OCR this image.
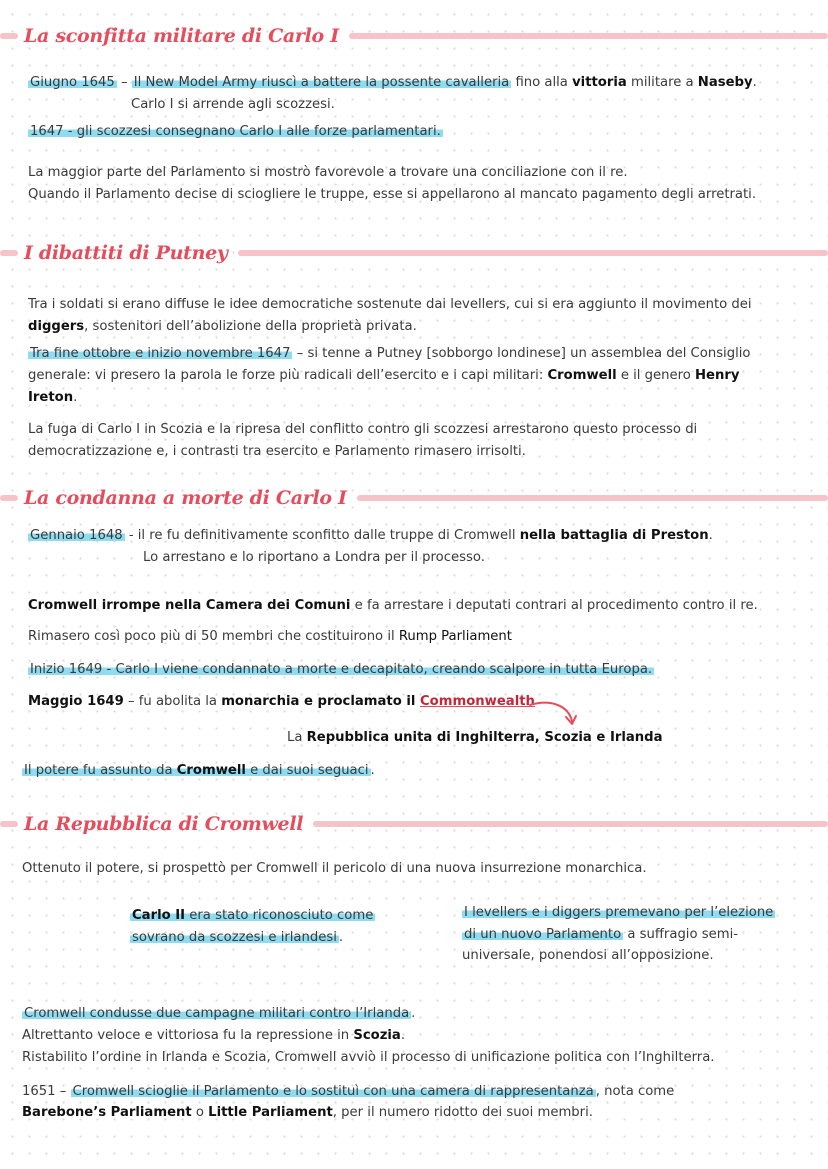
La sconfitta militare di Carlo I
Giugno 1645 – Il New Model Army riuscì a battere la possente cavalleria fino alla vittoria militare a Naseby.
Carlo I si arrende agli scozzesi.
1647 - gli scozzesi consegnano Carlo I alle forze parlamentari.
La maggior parte del Parlamento si mostrò favorevole a trovare una conciliazione con il re.
Quando il Parlamento decise di sciogliere le truppe, esse si appellarono al mancato pagamento degli arretrati.
I dibattiti di Putney
Tra i soldati si erano diffuse le idee democratiche sostenute dai levellers, cui si era aggiunto il movimento dei
diggers, sostenitori dell’abolizione della proprietà privata.
Tra fine ottobre e inizio novembre 1647 – si tenne a Putney [sobborgo londinese] un assemblea del Consiglio
generale: vi presero la parola le forze più radicali dell’esercito e i capi militari: Cromwell e il genero Henry
Ireton.
La fuga di Carlo I in Scozia e la ripresa del conflitto contro gli scozzesi arrestarono questo processo di
democratizzazione e, i contrasti tra esercito e Parlamento rimasero irrisolti.
La condanna a morte di Carlo I
Gennaio 1648 - il re fu definitivamente sconfitto dalle truppe di Cromwell nella battaglia di Preston.
Lo arrestano e lo riportano a Londra per il processo.
Cromwell irrompe nella Camera dei Comuni e fa arrestare i deputati contrari al procedimento contro il re.
Rimasero così poco più di 50 membri che costituirono il Rump Parliament
Inizio 1649 - Carlo I viene condannato a morte e decapitato, creando scalpore in tutta Europa.
Maggio 1649 – fu abolita la monarchia e proclamato il Commonwealth
La Repubblica unita di Inghilterra, Scozia e Irlanda
Il potere fu assunto da Cromwell e dai suoi seguaci .
La Repubblica di Cromwell
Ottenuto il potere, si prospettò per Cromwell il pericolo di una nuova insurrezione monarchica.
Carlo II era stato riconosciuto come
sovrano da scozzesi e irlandesi .
I levellers e i diggers premevano per l’elezione
di un nuovo Parlamento a suffragio semi-
universale, ponendosi all’opposizione.
Cromwell condusse due campagne militari contro l’Irlanda .
Altrettanto veloce e vittoriosa fu la repressione in Scozia.
Ristabilito l’ordine in Irlanda e Scozia, Cromwell avviò il processo di unificazione politica con l’Inghilterra.
1651 – Cromwell scioglie il Parlamento e lo sostituì con una camera di rappresentanza , nota come
Barebone’s Parliament o Little Parliament, per il numero ridotto dei suoi membri.
